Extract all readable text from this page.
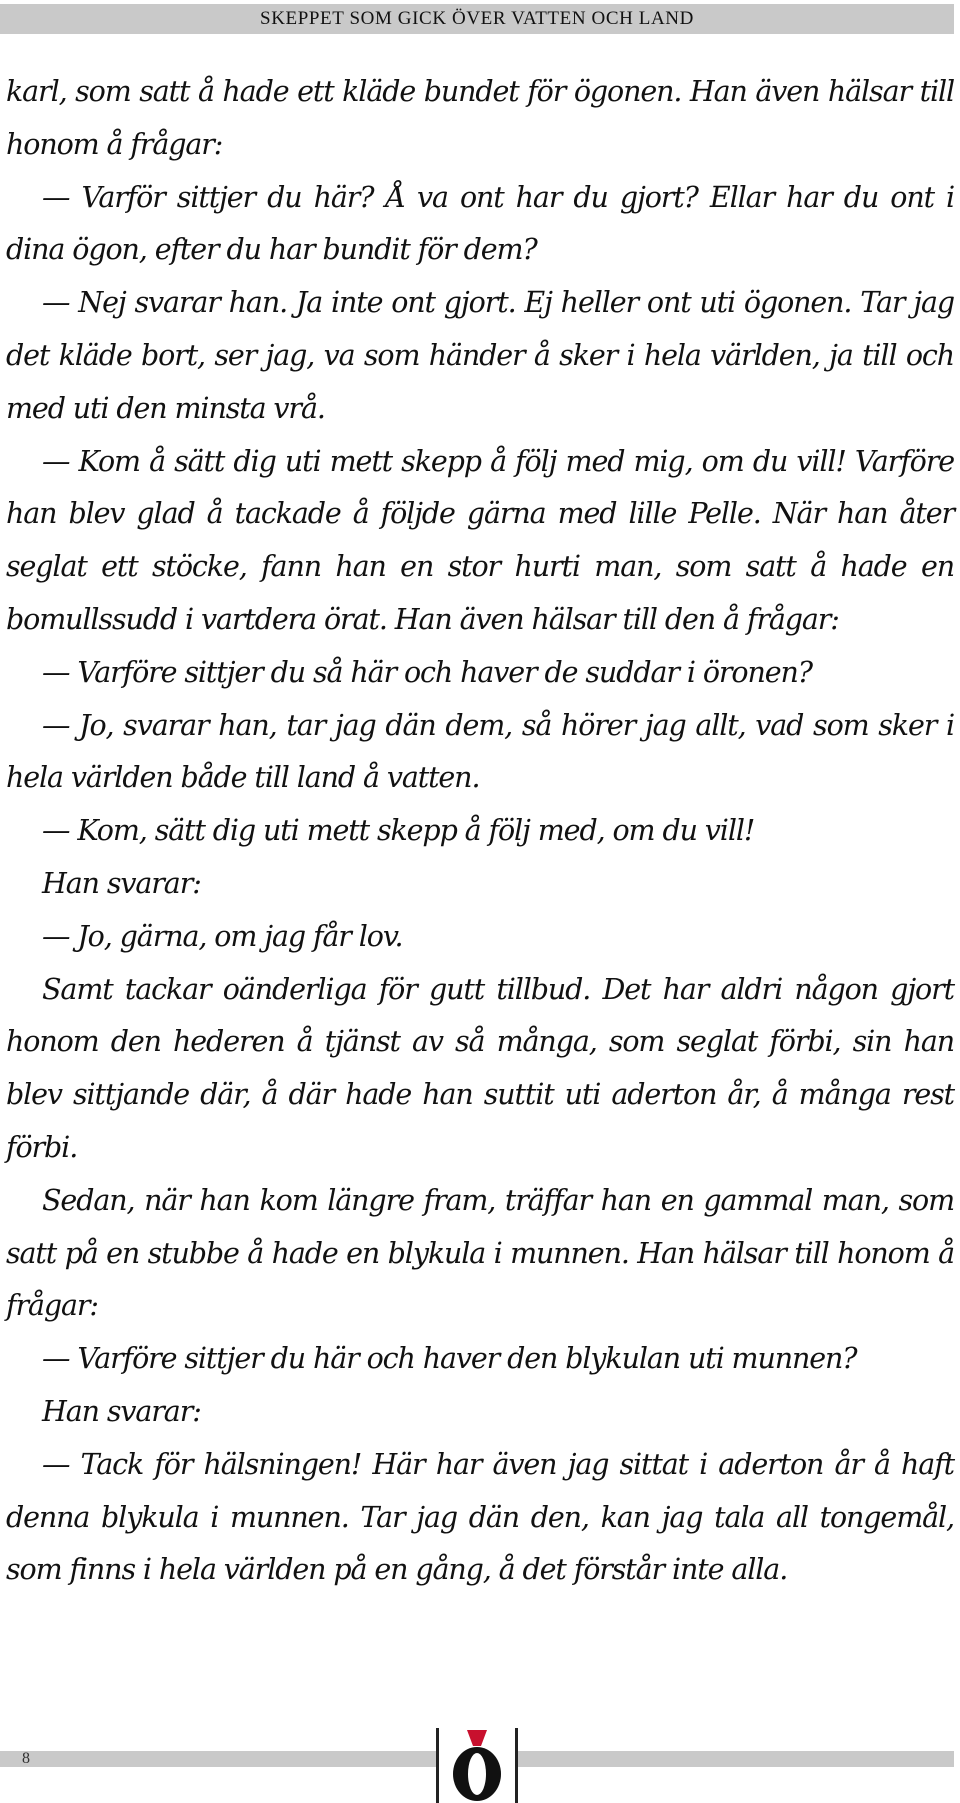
SKEPPET SOM GICK ÖVER VATTEN OCH LAND

karl, som satt å hade ett kläde bundet för ögonen. Han även hälsar till honom å frågar:

— Varför sittjer du här? Å va ont har du gjort? Ellar har du ont i dina ögon, efter du har bundit för dem?

— Nej svarar han. Ja inte ont gjort. Ej heller ont uti ögonen. Tar jag det kläde bort, ser jag, va som händer å sker i hela världen, ja till och med uti den minsta vrå.

— Kom å sätt dig uti mett skepp å följ med mig, om du vill! Varföre han blev glad å tackade å följde gärna med lille Pelle. När han åter seglat ett stöcke, fann han en stor hurti man, som satt å hade en bomullssudd i vartdera örat. Han även hälsar till den å frågar:

— Varföre sittjer du så här och haver de suddar i öronen?

— Jo, svarar han, tar jag dän dem, så hörer jag allt, vad som sker i hela världen både till land å vatten.

— Kom, sätt dig uti mett skepp å följ med, om du vill!

Han svarar:

— Jo, gärna, om jag får lov.

Samt tackar oänderliga för gutt tillbud. Det har aldri någon gjort honom den hederen å tjänst av så många, som seglat förbi, sin han blev sittjande där, å där hade han suttit uti aderton år, å många rest förbi.

Sedan, när han kom längre fram, träffar han en gammal man, som satt på en stubbe å hade en blykula i munnen. Han hälsar till honom å frågar:

— Varföre sittjer du här och haver den blykulan uti munnen?

Han svarar:

— Tack för hälsningen! Här har även jag sittat i aderton år å haft denna blykula i munnen. Tar jag dän den, kan jag tala all tongemål, som finns i hela världen på en gång, å det förstår inte alla.

8
